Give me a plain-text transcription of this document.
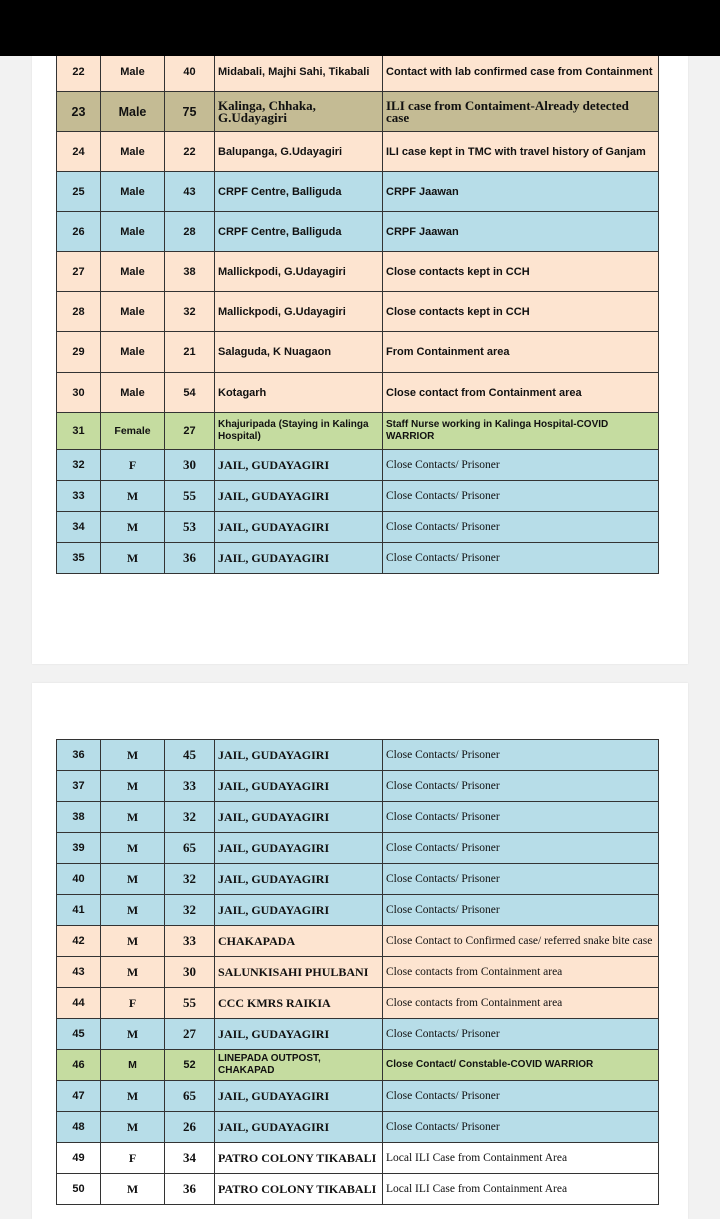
22	Male	40	Midabali, Majhi Sahi, Tikabali	Contact with lab confirmed case from Containment
23	Male	75	Kalinga, Chhaka, G.Udayagiri	ILI case from Contaiment-Already detected case
24	Male	22	Balupanga, G.Udayagiri	ILI case kept in TMC with travel history of Ganjam
25	Male	43	CRPF Centre, Balliguda	CRPF Jaawan
26	Male	28	CRPF Centre, Balliguda	CRPF Jaawan
27	Male	38	Mallickpodi, G.Udayagiri	Close contacts kept in CCH
28	Male	32	Mallickpodi, G.Udayagiri	Close contacts kept in CCH
29	Male	21	Salaguda, K Nuagaon	From Containment area
30	Male	54	Kotagarh	Close contact from Containment area
31	Female	27	Khajuripada (Staying in Kalinga Hospital)	Staff Nurse working in Kalinga Hospital-COVID WARRIOR
32	F	30	JAIL, GUDAYAGIRI	Close Contacts/ Prisoner
33	M	55	JAIL, GUDAYAGIRI	Close Contacts/ Prisoner
34	M	53	JAIL, GUDAYAGIRI	Close Contacts/ Prisoner
35	M	36	JAIL, GUDAYAGIRI	Close Contacts/ Prisoner
36	M	45	JAIL, GUDAYAGIRI	Close Contacts/ Prisoner
37	M	33	JAIL, GUDAYAGIRI	Close Contacts/ Prisoner
38	M	32	JAIL, GUDAYAGIRI	Close Contacts/ Prisoner
39	M	65	JAIL, GUDAYAGIRI	Close Contacts/ Prisoner
40	M	32	JAIL, GUDAYAGIRI	Close Contacts/ Prisoner
41	M	32	JAIL, GUDAYAGIRI	Close Contacts/ Prisoner
42	M	33	CHAKAPADA	Close Contact to Confirmed case/ referred snake bite case
43	M	30	SALUNKISAHI PHULBANI	Close contacts from Containment area
44	F	55	CCC KMRS RAIKIA	Close contacts from Containment area
45	M	27	JAIL, GUDAYAGIRI	Close Contacts/ Prisoner
46	M	52	LINEPADA OUTPOST, CHAKAPAD	Close Contact/ Constable-COVID WARRIOR
47	M	65	JAIL, GUDAYAGIRI	Close Contacts/ Prisoner
48	M	26	JAIL, GUDAYAGIRI	Close Contacts/ Prisoner
49	F	34	PATRO COLONY TIKABALI	Local ILI Case from Containment Area
50	M	36	PATRO COLONY TIKABALI	Local ILI Case from Containment Area
